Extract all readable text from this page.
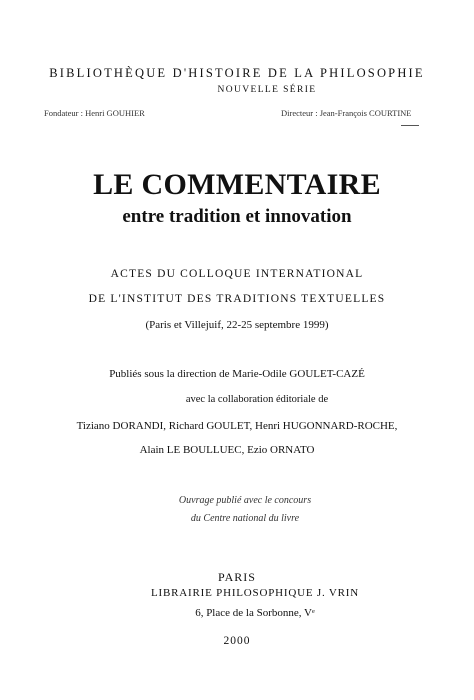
BIBLIOTHÈQUE D'HISTOIRE DE LA PHILOSOPHIE
NOUVELLE SÉRIE
Fondateur : Henri GOUHIER	Directeur : Jean-François COURTINE
LE COMMENTAIRE
entre tradition et innovation
ACTES DU COLLOQUE INTERNATIONAL
DE L'INSTITUT DES TRADITIONS TEXTUELLES
(Paris et Villejuif, 22-25 septembre 1999)
Publiés sous la direction de Marie-Odile GOULET-CAZÉ
avec la collaboration éditoriale de
Tiziano DORANDI, Richard GOULET, Henri HUGONNARD-ROCHE,
Alain LE BOULLUEC, Ezio ORNATO
Ouvrage publié avec le concours
du Centre national du livre
PARIS
LIBRAIRIE PHILOSOPHIQUE J. VRIN
6, Place de la Sorbonne, Vᵉ
2000
